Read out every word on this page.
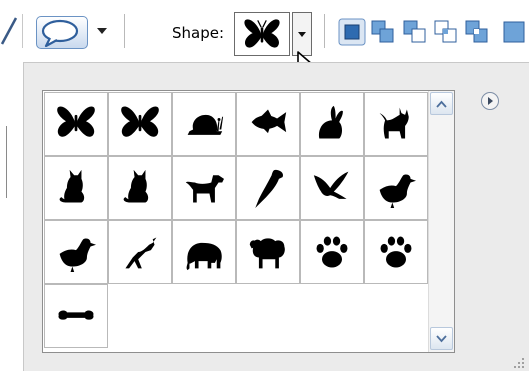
Shape:
